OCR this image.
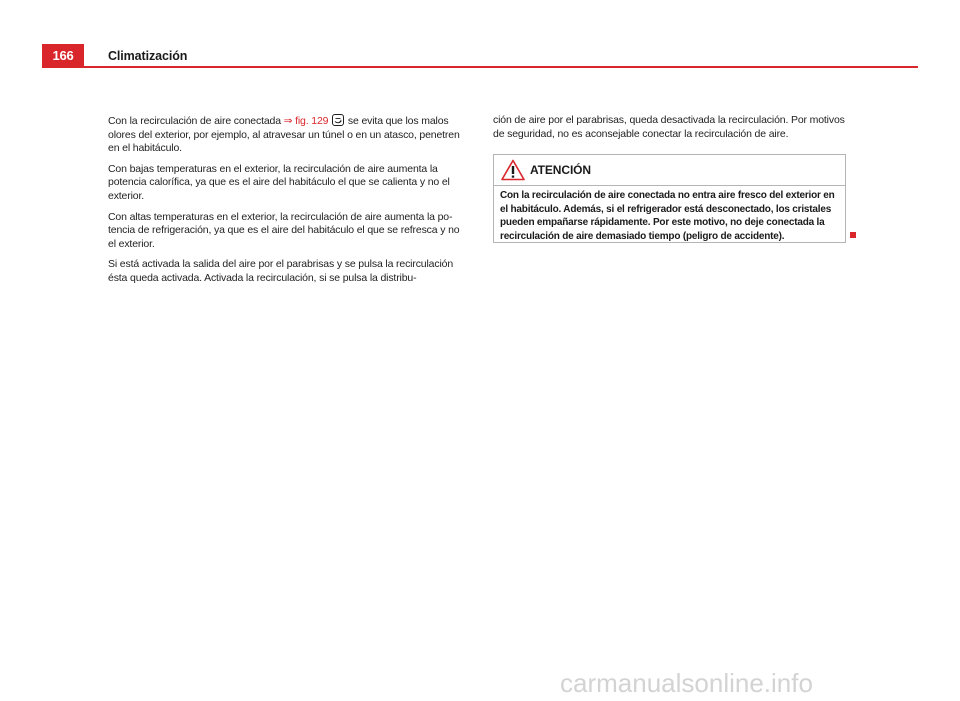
166	Climatización

Con la recirculación de aire conectada ⇒ fig. 129
se evita que los malos olores del exterior, por ejemplo, al atravesar un túnel o en un atasco, penetren en el habitáculo.

Con bajas temperaturas en el exterior, la recirculación de aire aumenta la potencia calorífica, ya que es el aire del habitáculo el que se calienta y no el exterior.

Con altas temperaturas en el exterior, la recirculación de aire aumenta la potencia de refrigeración, ya que es el aire del habitáculo el que se refresca y no el exterior.

Si está activada la salida del aire por el parabrisas y se pulsa la recirculación ésta queda activada. Activada la recirculación, si se pulsa la distribu-

ción de aire por el parabrisas, queda desactivada la recirculación. Por motivos de seguridad, no es aconsejable conectar la recirculación de aire.

ATENCIÓN
Con la recirculación de aire conectada no entra aire fresco del exterior en el habitáculo. Además, si el refrigerador está desconectado, los cristales pueden empañarse rápidamente. Por este motivo, no deje conectada la recirculación de aire demasiado tiempo (peligro de accidente).
carmanualsonline.info
